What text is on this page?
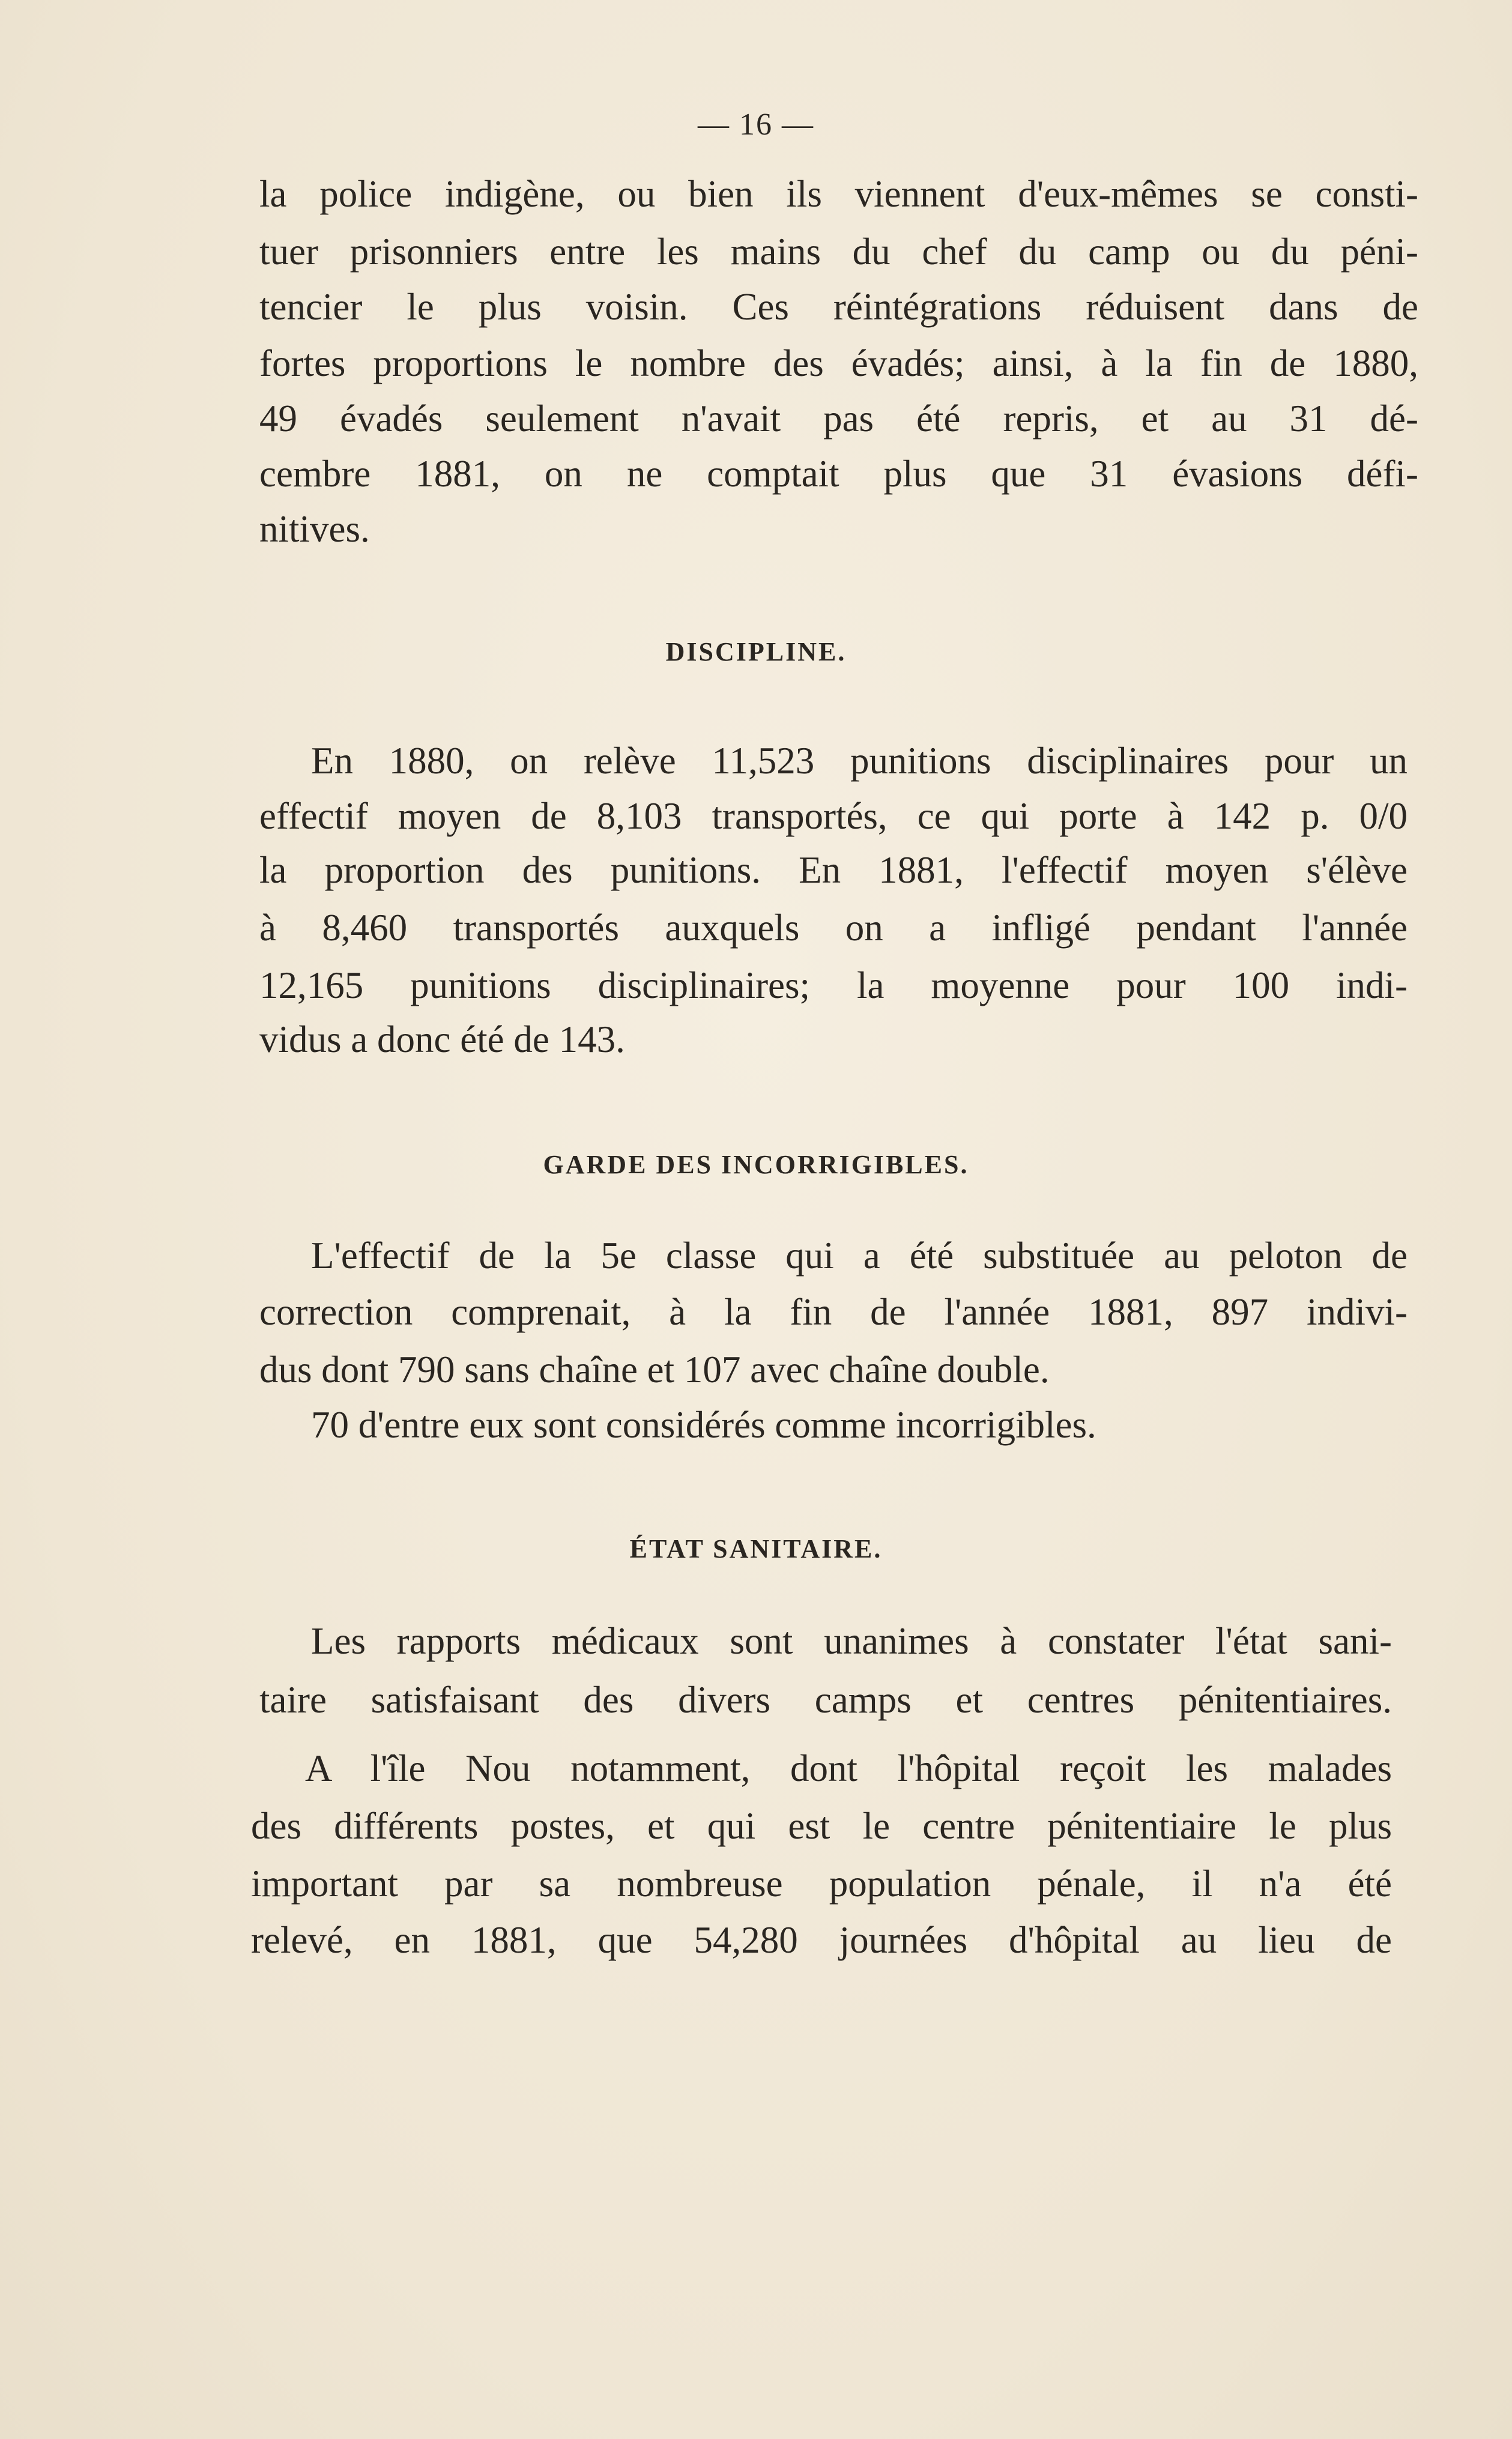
— 16 —
la police indigène, ou bien ils viennent d'eux-mêmes se consti-
tuer prisonniers entre les mains du chef du camp ou du péni-
tencier le plus voisin. Ces réintégrations réduisent dans de
fortes proportions le nombre des évadés; ainsi, à la fin de 1880,
49 évadés seulement n'avait pas été repris, et au 31 dé-
cembre 1881, on ne comptait plus que 31 évasions défi-
nitives.
DISCIPLINE.
En 1880, on relève 11,523 punitions disciplinaires pour un
effectif moyen de 8,103 transportés, ce qui porte à 142 p. 0/0
la proportion des punitions. En 1881, l'effectif moyen s'élève
à 8,460 transportés auxquels on a infligé pendant l'année
12,165 punitions disciplinaires; la moyenne pour 100 indi-
vidus a donc été de 143.
GARDE DES INCORRIGIBLES.
L'effectif de la 5e classe qui a été substituée au peloton de
correction comprenait, à la fin de l'année 1881, 897 indivi-
dus dont 790 sans chaîne et 107 avec chaîne double.
70 d'entre eux sont considérés comme incorrigibles.
ÉTAT SANITAIRE.
Les rapports médicaux sont unanimes à constater l'état sani-
taire satisfaisant des divers camps et centres pénitentiaires.
A l'île Nou notamment, dont l'hôpital reçoit les malades
des différents postes, et qui est le centre pénitentiaire le plus
important par sa nombreuse population pénale, il n'a été
relevé, en 1881, que 54,280 journées d'hôpital au lieu de
